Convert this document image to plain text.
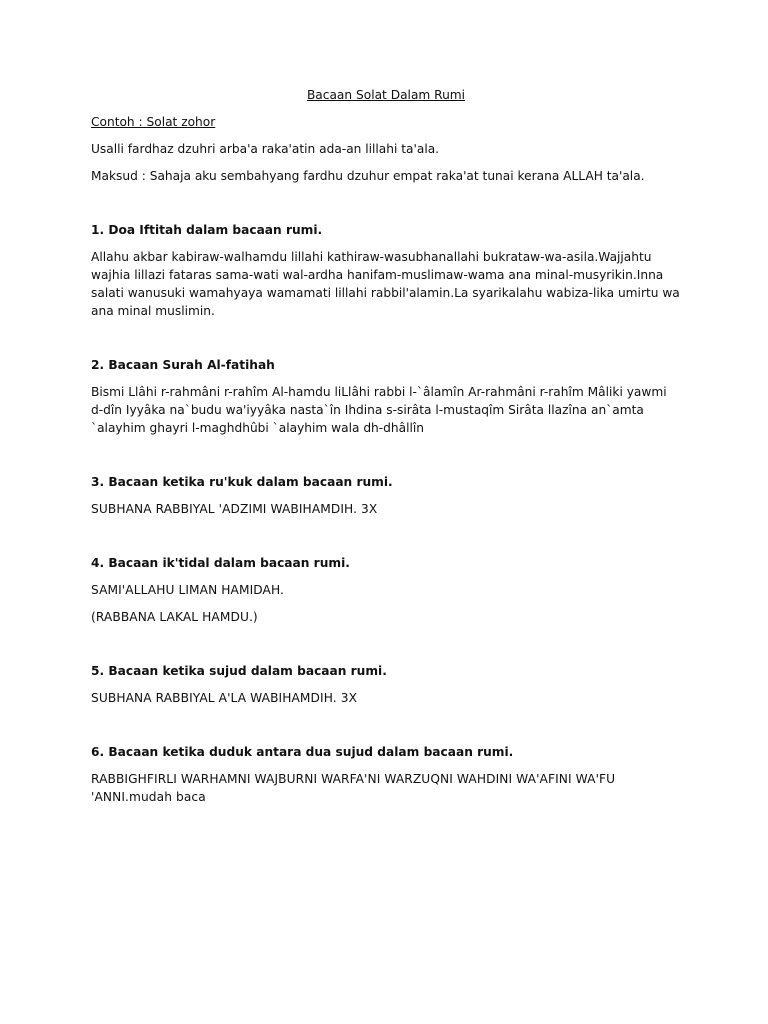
Bacaan Solat Dalam Rumi
Contoh : Solat zohor

Usalli fardhaz dzuhri arba'a raka'atin ada-an lillahi ta'ala.

Maksud : Sahaja aku sembahyang fardhu dzuhur empat raka'at tunai kerana ALLAH ta'ala.

1. Doa Iftitah dalam bacaan rumi.

Allahu akbar kabiraw-walhamdu lillahi kathiraw-wasubhanallahi bukrataw-wa-asila.Wajjahtu wajhia lillazi fataras sama-wati wal-ardha hanifam-muslimaw-wama ana minal-musyrikin.Inna salati wanusuki wamahyaya wamamati lillahi rabbil'alamin.La syarikalahu wabiza-lika umirtu wa ana minal muslimin.

2. Bacaan Surah Al-fatihah

Bismi Llâhi r-rahmâni r-rahîm Al-hamdu liLlâhi rabbi l-`âlamîn Ar-rahmâni r-rahîm Mâliki yawmi d-dîn Iyyâka na`budu wa'iyyâka nasta`în Ihdina s-sirâta l-mustaqîm Sirâta llazîna an`amta `alayhim ghayri l-maghdhûbi `alayhim wala dh-dhâllîn

3. Bacaan ketika ru'kuk dalam bacaan rumi.

SUBHANA RABBIYAL 'ADZIMI WABIHAMDIH. 3X

4. Bacaan ik'tidal dalam bacaan rumi.

SAMI'ALLAHU LIMAN HAMIDAH.

(RABBANA LAKAL HAMDU.)

5. Bacaan ketika sujud dalam bacaan rumi.

SUBHANA RABBIYAL A'LA WABIHAMDIH. 3X

6. Bacaan ketika duduk antara dua sujud dalam bacaan rumi.

RABBIGHFIRLI WARHAMNI WAJBURNI WARFA'NI WARZUQNI WAHDINI WA'AFINI WA'FU 'ANNI.mudah baca
